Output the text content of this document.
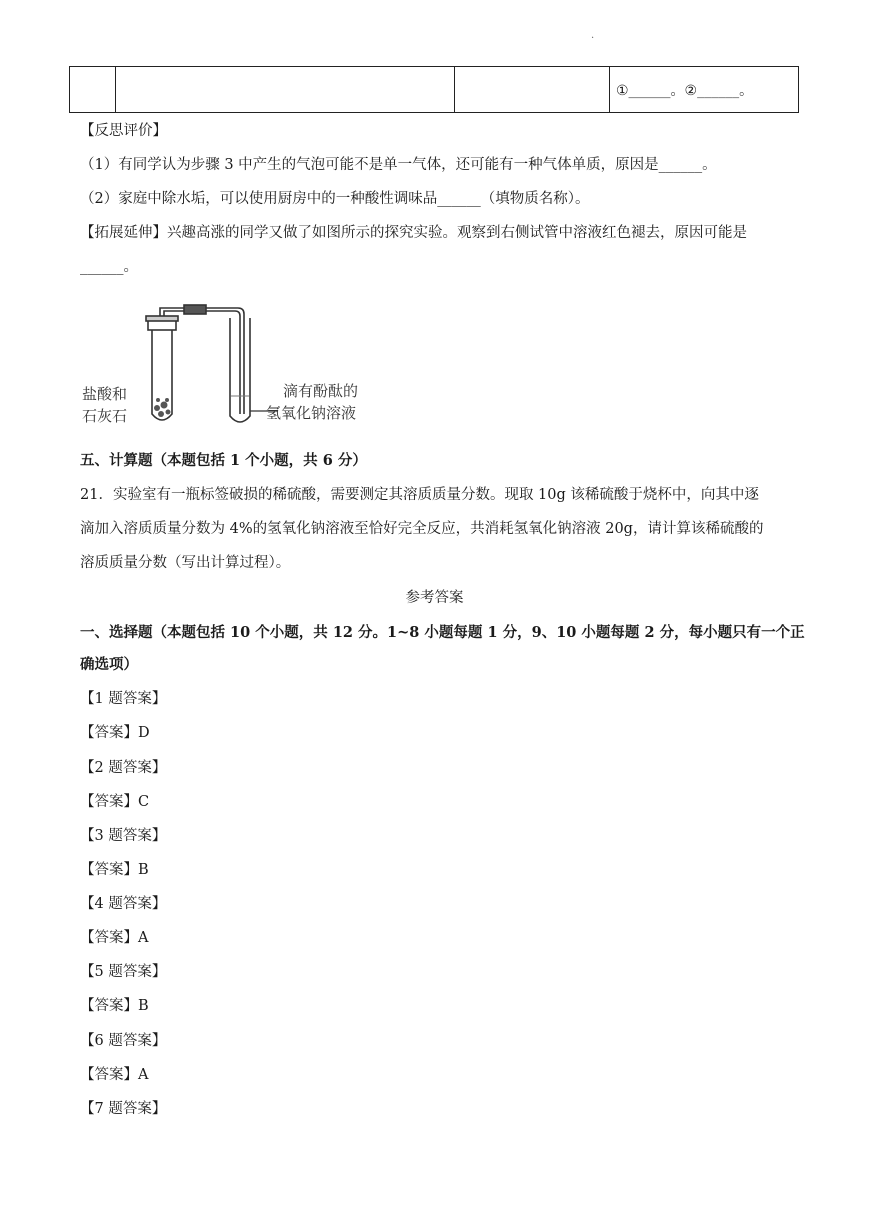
.
			①______。②______。
【反思评价】
（1）有同学认为步骤 3 中产生的气泡可能不是单一气体，还可能有一种气体单质，原因是______。
（2）家庭中除水垢，可以使用厨房中的一种酸性调味品______（填物质名称）。
【拓展延伸】兴趣高涨的同学又做了如图所示的探究实验。观察到右侧试管中溶液红色褪去，原因可能是
______。
盐酸和
石灰石
滴有酚酞的
氢氧化钠溶液
五、计算题（本题包括 1 个小题，共 6 分）
21．实验室有一瓶标签破损的稀硫酸，需要测定其溶质质量分数。现取 10g 该稀硫酸于烧杯中，向其中逐
滴加入溶质质量分数为 4%的氢氧化钠溶液至恰好完全反应，共消耗氢氧化钠溶液 20g，请计算该稀硫酸的
溶质质量分数（写出计算过程）。
参考答案
一、选择题（本题包括 10 个小题，共 12 分。1~8 小题每题 1 分，9、10 小题每题 2 分，每小题只有一个正
确选项）
【1 题答案】
【答案】D
【2 题答案】
【答案】C
【3 题答案】
【答案】B
【4 题答案】
【答案】A
【5 题答案】
【答案】B
【6 题答案】
【答案】A
【7 题答案】
